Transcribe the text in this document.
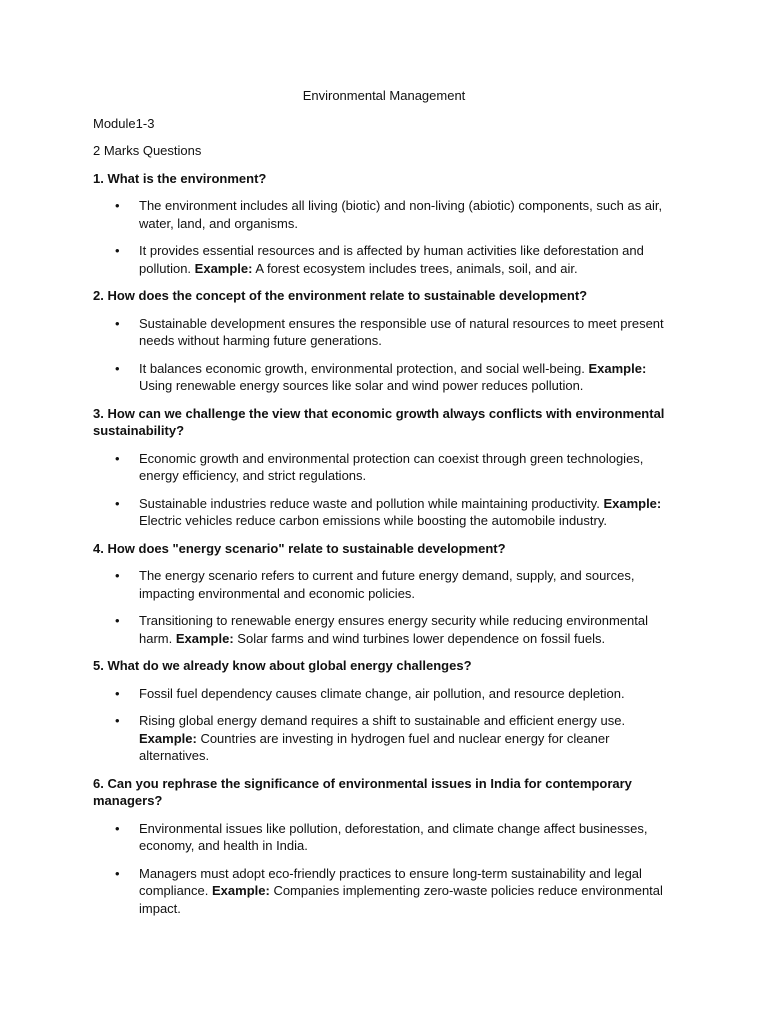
Environmental Management
Module1-3
2 Marks Questions
1. What is the environment?
• The environment includes all living (biotic) and non-living (abiotic) components, such as air, water, land, and organisms.
• It provides essential resources and is affected by human activities like deforestation and pollution. Example: A forest ecosystem includes trees, animals, soil, and air.
2. How does the concept of the environment relate to sustainable development?
• Sustainable development ensures the responsible use of natural resources to meet present needs without harming future generations.
• It balances economic growth, environmental protection, and social well-being. Example: Using renewable energy sources like solar and wind power reduces pollution.
3. How can we challenge the view that economic growth always conflicts with environmental sustainability?
• Economic growth and environmental protection can coexist through green technologies, energy efficiency, and strict regulations.
• Sustainable industries reduce waste and pollution while maintaining productivity. Example: Electric vehicles reduce carbon emissions while boosting the automobile industry.
4. How does "energy scenario" relate to sustainable development?
• The energy scenario refers to current and future energy demand, supply, and sources, impacting environmental and economic policies.
• Transitioning to renewable energy ensures energy security while reducing environmental harm. Example: Solar farms and wind turbines lower dependence on fossil fuels.
5. What do we already know about global energy challenges?
• Fossil fuel dependency causes climate change, air pollution, and resource depletion.
• Rising global energy demand requires a shift to sustainable and efficient energy use. Example: Countries are investing in hydrogen fuel and nuclear energy for cleaner alternatives.
6. Can you rephrase the significance of environmental issues in India for contemporary managers?
• Environmental issues like pollution, deforestation, and climate change affect businesses, economy, and health in India.
• Managers must adopt eco-friendly practices to ensure long-term sustainability and legal compliance. Example: Companies implementing zero-waste policies reduce environmental impact.
